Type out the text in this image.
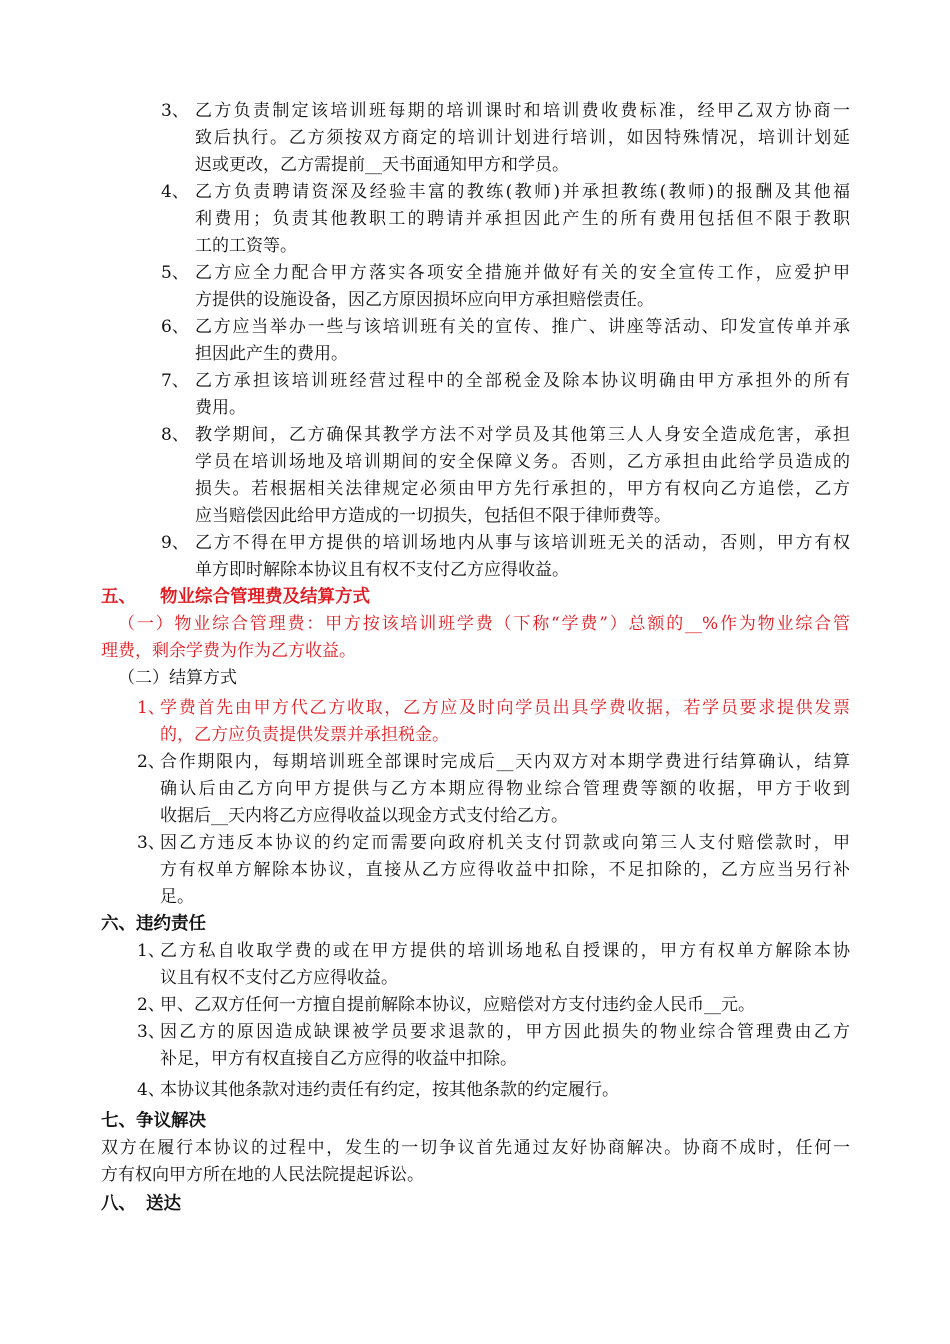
3、 乙方负责制定该培训班每期的培训课时和培训费收费标准，经甲乙双方协商一
致后执行。乙方须按双方商定的培训计划进行培训，如因特殊情况，培训计划延
迟或更改，乙方需提前__天书面通知甲方和学员。
4、 乙方负责聘请资深及经验丰富的教练(教师)并承担教练(教师)的报酬及其他福
利费用；负责其他教职工的聘请并承担因此产生的所有费用包括但不限于教职
工的工资等。
5、 乙方应全力配合甲方落实各项安全措施并做好有关的安全宣传工作，应爱护甲
方提供的设施设备，因乙方原因损坏应向甲方承担赔偿责任。
6、 乙方应当举办一些与该培训班有关的宣传、推广、讲座等活动、印发宣传单并承
担因此产生的费用。
7、 乙方承担该培训班经营过程中的全部税金及除本协议明确由甲方承担外的所有
费用。
8、 教学期间，乙方确保其教学方法不对学员及其他第三人人身安全造成危害，承担
学员在培训场地及培训期间的安全保障义务。否则，乙方承担由此给学员造成的
损失。若根据相关法律规定必须由甲方先行承担的，甲方有权向乙方追偿，乙方
应当赔偿因此给甲方造成的一切损失，包括但不限于律师费等。
9、 乙方不得在甲方提供的培训场地内从事与该培训班无关的活动，否则，甲方有权
单方即时解除本协议且有权不支付乙方应得收益。
五、 物业综合管理费及结算方式
（一）物业综合管理费：甲方按该培训班学费（下称“学费”）总额的__%作为物业综合管
理费，剩余学费为作为乙方收益。
（二）结算方式
1、
学费首先由甲方代乙方收取，乙方应及时向学员出具学费收据，若学员要求提供发票
的，乙方应负责提供发票并承担税金。
2、
合作期限内，每期培训班全部课时完成后__天内双方对本期学费进行结算确认，结算
确认后由乙方向甲方提供与乙方本期应得物业综合管理费等额的收据，甲方于收到
收据后__天内将乙方应得收益以现金方式支付给乙方。
3、
因乙方违反本协议的约定而需要向政府机关支付罚款或向第三人支付赔偿款时，甲
方有权单方解除本协议，直接从乙方应得收益中扣除，不足扣除的，乙方应当另行补
足。
六、违约责任
1、
乙方私自收取学费的或在甲方提供的培训场地私自授课的，甲方有权单方解除本协
议且有权不支付乙方应得收益。
2、
甲、乙双方任何一方擅自提前解除本协议，应赔偿对方支付违约金人民币__元。
3、
因乙方的原因造成缺课被学员要求退款的，甲方因此损失的物业综合管理费由乙方
补足，甲方有权直接自乙方应得的收益中扣除。
4、
本协议其他条款对违约责任有约定，按其他条款的约定履行。
七、争议解决
双方在履行本协议的过程中，发生的一切争议首先通过友好协商解决。协商不成时，任何一
方有权向甲方所在地的人民法院提起诉讼。
八、 送达
